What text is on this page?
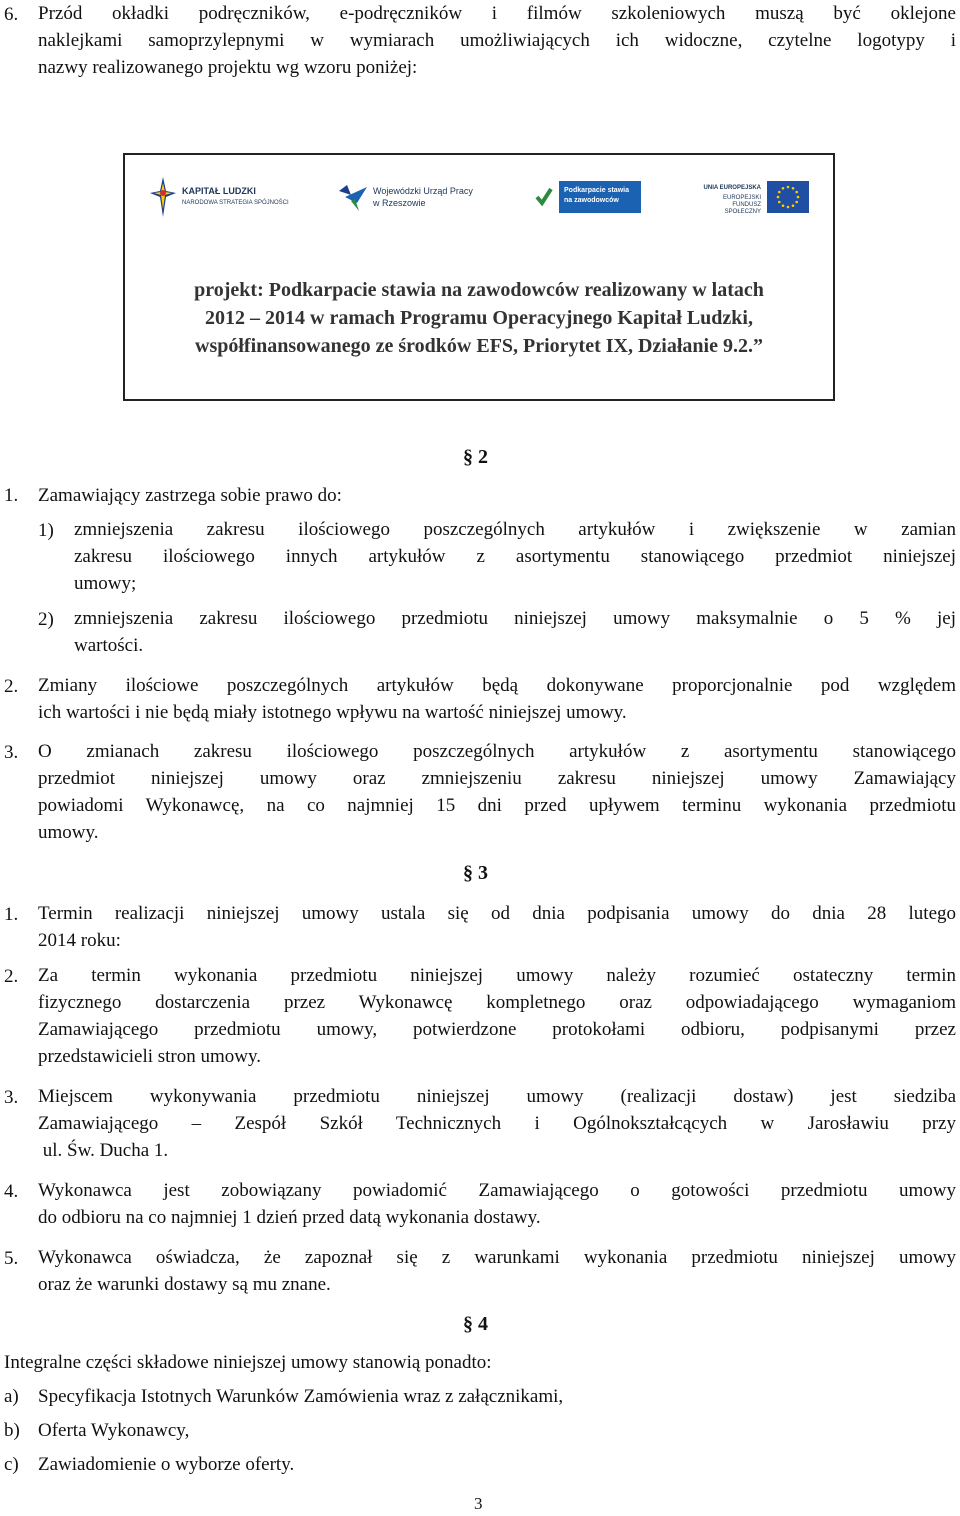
6. Przód okładki podręczników, e-podręczników i filmów szkoleniowych muszą być oklejone
naklejkami samoprzylepnymi w wymiarach umożliwiających ich widoczne, czytelne logotypy i
nazwy realizowanego projektu wg wzoru poniżej:
KAPITAŁ LUDZKI
NARODOWA STRATEGIA SPÓJNOŚCI
Wojewódzki Urząd Pracy
w Rzeszowie
Podkarpacie stawia
na zawodowców
UNIA EUROPEJSKA
EUROPEJSKI
FUNDUSZ SPOŁECZNY
projekt: Podkarpacie stawia na zawodowców realizowany w latach
2012 – 2014 w ramach Programu Operacyjnego Kapitał Ludzki,
współfinansowanego ze środków EFS, Priorytet IX, Działanie 9.2.”
§ 2
1. Zamawiający zastrzega sobie prawo do:
1) zmniejszenia zakresu ilościowego poszczególnych artykułów i zwiększenie w zamian
zakresu ilościowego innych artykułów z asortymentu stanowiącego przedmiot niniejszej
umowy;
2) zmniejszenia zakresu ilościowego przedmiotu niniejszej umowy maksymalnie o 5 % jej
wartości.
2. Zmiany ilościowe poszczególnych artykułów będą dokonywane proporcjonalnie pod względem
ich wartości i nie będą miały istotnego wpływu na wartość niniejszej umowy.
3. O zmianach zakresu ilościowego poszczególnych artykułów z asortymentu stanowiącego
przedmiot niniejszej umowy oraz zmniejszeniu zakresu niniejszej umowy Zamawiający
powiadomi Wykonawcę, na co najmniej 15 dni przed upływem terminu wykonania przedmiotu
umowy.
§ 3
1. Termin realizacji niniejszej umowy ustala się od dnia podpisania umowy do dnia 28 lutego
2014 roku:
2. Za termin wykonania przedmiotu niniejszej umowy należy rozumieć ostateczny termin
fizycznego dostarczenia przez Wykonawcę kompletnego oraz odpowiadającego wymaganiom
Zamawiającego przedmiotu umowy, potwierdzone protokołami odbioru, podpisanymi przez
przedstawicieli stron umowy.
3. Miejscem wykonywania przedmiotu niniejszej umowy (realizacji dostaw) jest siedziba
Zamawiającego – Zespół Szkół Technicznych i Ogólnokształcących w Jarosławiu przy
ul. Św. Ducha 1.
4. Wykonawca jest zobowiązany powiadomić Zamawiającego o gotowości przedmiotu umowy
do odbioru na co najmniej 1 dzień przed datą wykonania dostawy.
5. Wykonawca oświadcza, że zapoznał się z warunkami wykonania przedmiotu niniejszej umowy
oraz że warunki dostawy są mu znane.
§ 4
Integralne części składowe niniejszej umowy stanowią ponadto:
a) Specyfikacja Istotnych Warunków Zamówienia wraz z załącznikami,
b) Oferta Wykonawcy,
c) Zawiadomienie o wyborze oferty.
3
